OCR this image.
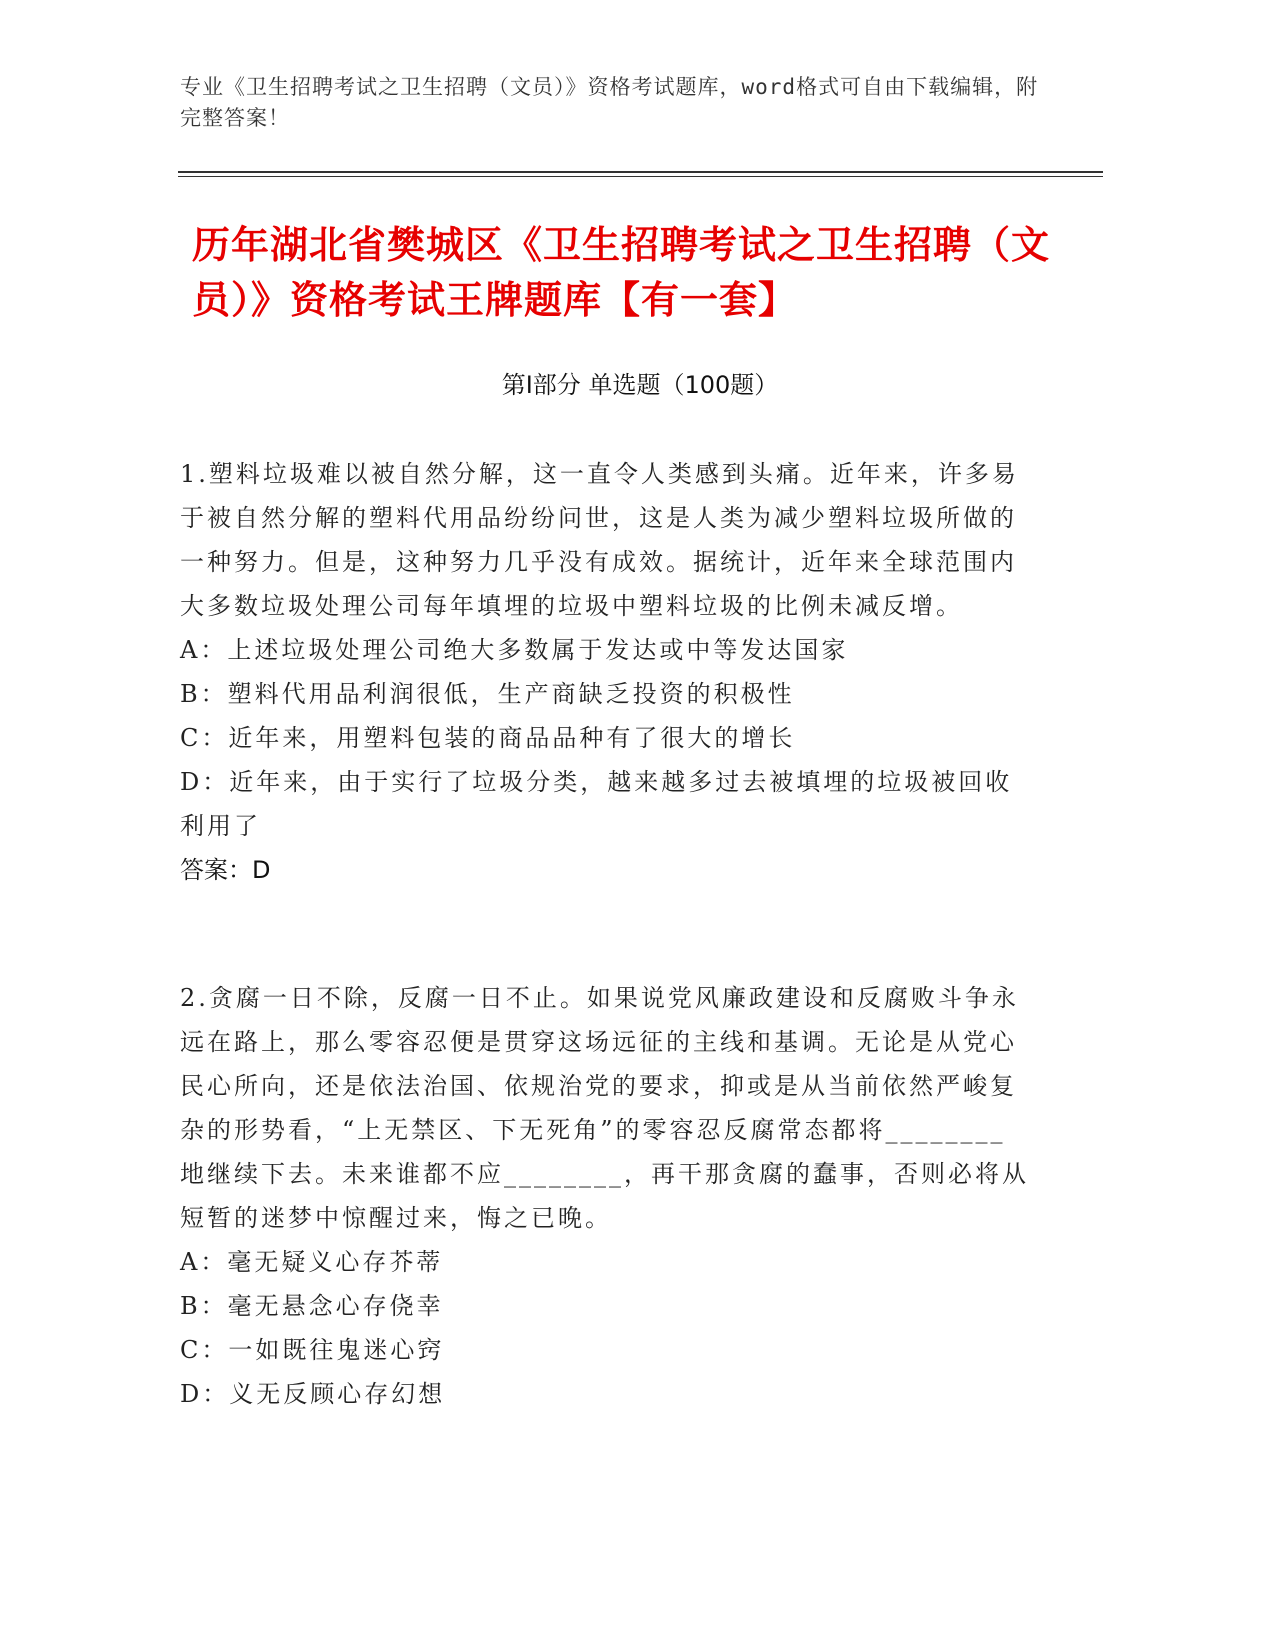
专业《卫生招聘考试之卫生招聘（文员）》资格考试题库，word格式可自由下载编辑，附完整答案！
历年湖北省樊城区《卫生招聘考试之卫生招聘（文员）》资格考试王牌题库【有一套】
第Ⅰ部分 单选题（100题）
1.塑料垃圾难以被自然分解，这一直令人类感到头痛。近年来，许多易于被自然分解的塑料代用品纷纷问世，这是人类为减少塑料垃圾所做的一种努力。但是，这种努力几乎没有成效。据统计，近年来全球范围内大多数垃圾处理公司每年填埋的垃圾中塑料垃圾的比例未减反增。
A：上述垃圾处理公司绝大多数属于发达或中等发达国家
B：塑料代用品利润很低，生产商缺乏投资的积极性
C：近年来，用塑料包装的商品品种有了很大的增长
D：近年来，由于实行了垃圾分类，越来越多过去被填埋的垃圾被回收利用了
答案：D
2.贪腐一日不除，反腐一日不止。如果说党风廉政建设和反腐败斗争永远在路上，那么零容忍便是贯穿这场远征的主线和基调。无论是从党心民心所向，还是依法治国、依规治党的要求，抑或是从当前依然严峻复杂的形势看，“上无禁区、下无死角”的零容忍反腐常态都将________地继续下去。未来谁都不应________，再干那贪腐的蠢事，否则必将从短暂的迷梦中惊醒过来，悔之已晚。
A：毫无疑义心存芥蒂
B：毫无悬念心存侥幸
C：一如既往鬼迷心窍
D：义无反顾心存幻想
